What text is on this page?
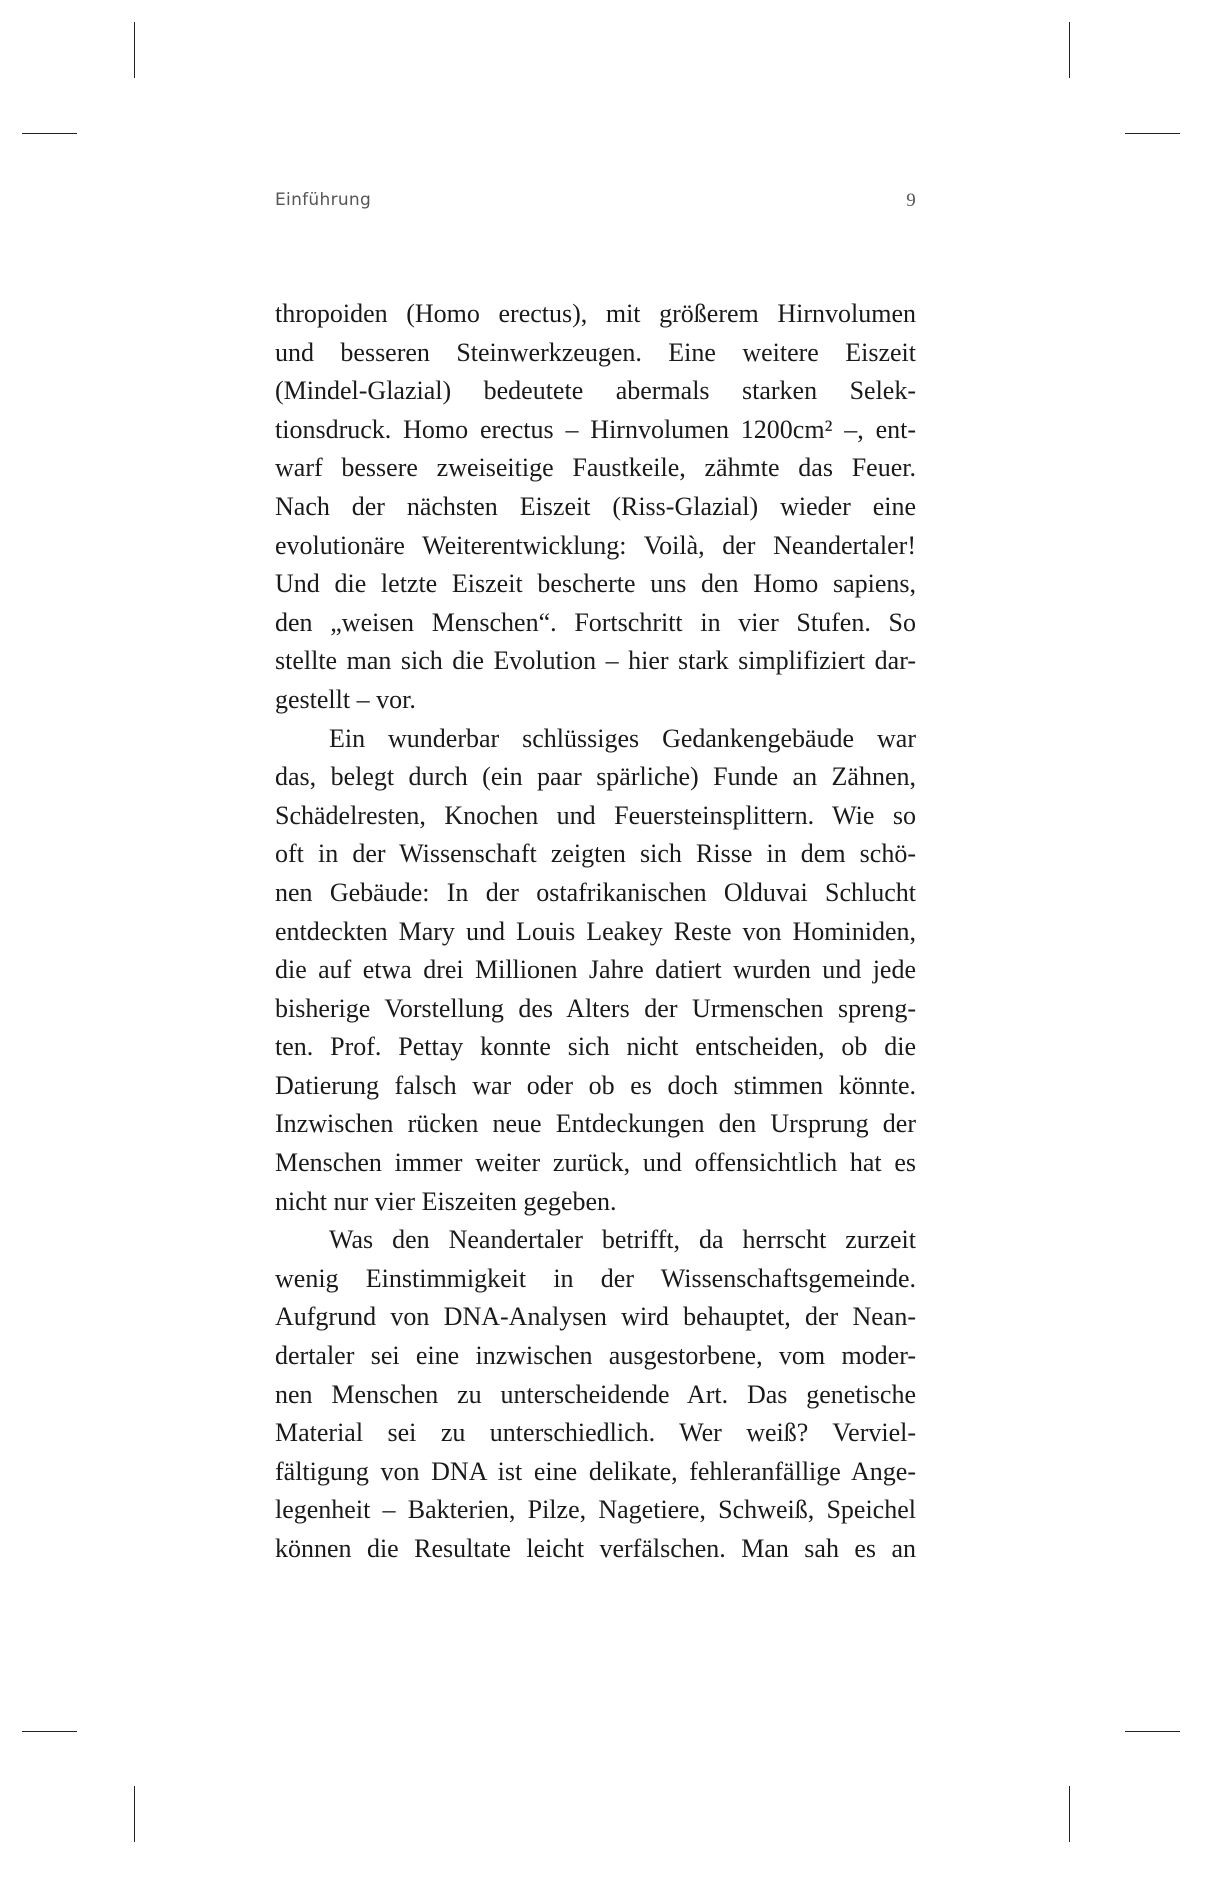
Einführung	9

thropoiden (Homo erectus), mit größerem Hirnvolumen
und besseren Steinwerkzeugen. Eine weitere Eiszeit
(Mindel-Glazial) bedeutete abermals starken Selek-
tionsdruck. Homo erectus – Hirnvolumen 1200cm² –, ent-
warf bessere zweiseitige Faustkeile, zähmte das Feuer.
Nach der nächsten Eiszeit (Riss-Glazial) wieder eine
evolutionäre Weiterentwicklung: Voilà, der Neandertaler!
Und die letzte Eiszeit bescherte uns den Homo sapiens,
den „weisen Menschen“. Fortschritt in vier Stufen. So
stellte man sich die Evolution – hier stark simplifiziert dar-
gestellt – vor.

Ein wunderbar schlüssiges Gedankengebäude war
das, belegt durch (ein paar spärliche) Funde an Zähnen,
Schädelresten, Knochen und Feuersteinsplittern. Wie so
oft in der Wissenschaft zeigten sich Risse in dem schö-
nen Gebäude: In der ostafrikanischen Olduvai Schlucht
entdeckten Mary und Louis Leakey Reste von Hominiden,
die auf etwa drei Millionen Jahre datiert wurden und jede
bisherige Vorstellung des Alters der Urmenschen spreng-
ten. Prof. Pettay konnte sich nicht entscheiden, ob die
Datierung falsch war oder ob es doch stimmen könnte.
Inzwischen rücken neue Entdeckungen den Ursprung der
Menschen immer weiter zurück, und offensichtlich hat es
nicht nur vier Eiszeiten gegeben.

Was den Neandertaler betrifft, da herrscht zurzeit
wenig Einstimmigkeit in der Wissenschaftsgemeinde.
Aufgrund von DNA-Analysen wird behauptet, der Nean-
dertaler sei eine inzwischen ausgestorbene, vom moder-
nen Menschen zu unterscheidende Art. Das genetische
Material sei zu unterschiedlich. Wer weiß? Verviel-
fältigung von DNA ist eine delikate, fehleranfällige Ange-
legenheit – Bakterien, Pilze, Nagetiere, Schweiß, Speichel
können die Resultate leicht verfälschen. Man sah es an
